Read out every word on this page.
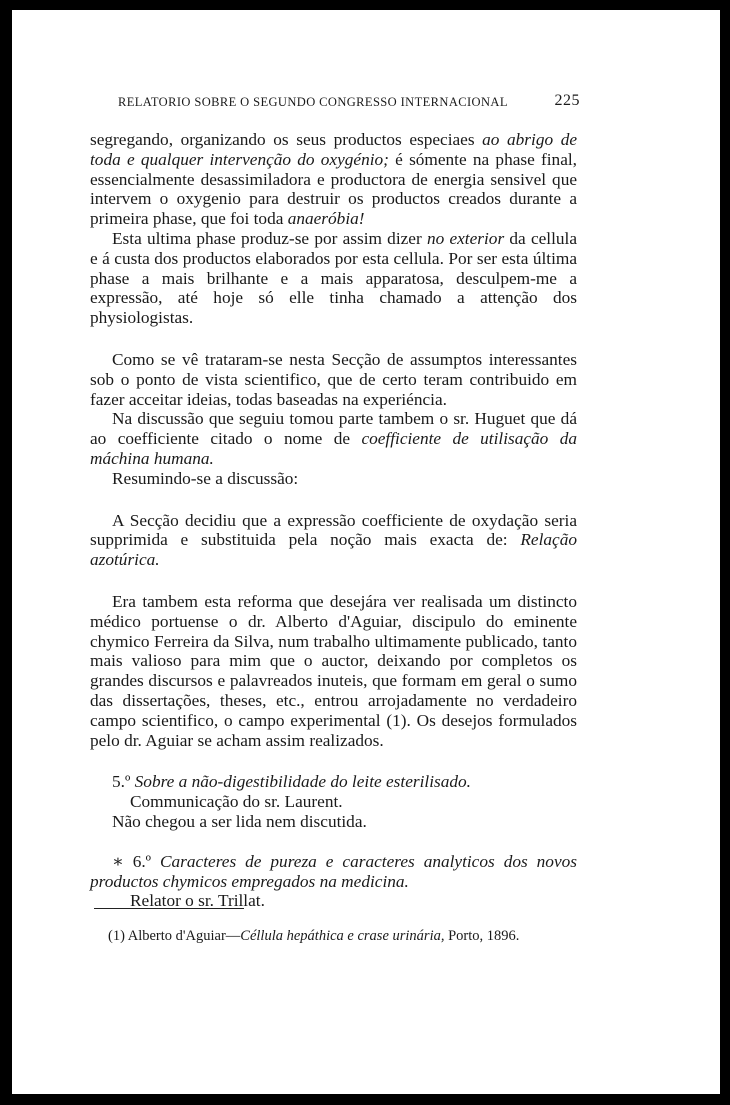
RELATORIO SOBRE O SEGUNDO CONGRESSO INTERNACIONAL	225

segregando, organizando os seus productos especiaes ao abrigo de toda e qualquer intervenção do oxygénio; é sómente na phase final, essencialmente desassimiladora e productora de energia sensivel que intervem o oxygenio para destruir os productos creados durante a primeira phase, que foi toda anaeróbia!

Esta ultima phase produz-se por assim dizer no exterior da cellula e á custa dos productos elaborados por esta cellula. Por ser esta última phase a mais brilhante e a mais apparatosa, desculpem-me a expressão, até hoje só elle tinha chamado a attenção dos physiologistas.

Como se vê trataram-se nesta Secção de assumptos interessantes sob o ponto de vista scientifico, que de certo teram contribuido em fazer acceitar ideias, todas baseadas na experiéncia.

Na discussão que seguiu tomou parte tambem o sr. Huguet que dá ao coefficiente citado o nome de coefficiente de utilisação da máchina humana.

Resumindo-se a discussão:

A Secção decidiu que a expressão coefficiente de oxydação seria supprimida e substituida pela noção mais exacta de: Relação azotúrica.

Era tambem esta reforma que desejára ver realisada um distincto médico portuense o dr. Alberto d'Aguiar, discipulo do eminente chymico Ferreira da Silva, num trabalho ultimamente publicado, tanto mais valioso para mim que o auctor, deixando por completos os grandes discursos e palavreados inuteis, que formam em geral o sumo das dissertações, theses, etc., entrou arrojadamente no verdadeiro campo scientifico, o campo experimental (1). Os desejos formulados pelo dr. Aguiar se acham assim realizados.

5.º Sobre a não-digestibilidade do leite esterilisado.
Communicação do sr. Laurent.
Não chegou a ser lida nem discutida.
∗ 6.º Caracteres de pureza e caracteres analyticos dos novos productos chymicos empregados na medicina.
Relator o sr. Trillat.
(1) Alberto d'Aguiar—Céllula hepáthica e crase urinária, Porto, 1896.
